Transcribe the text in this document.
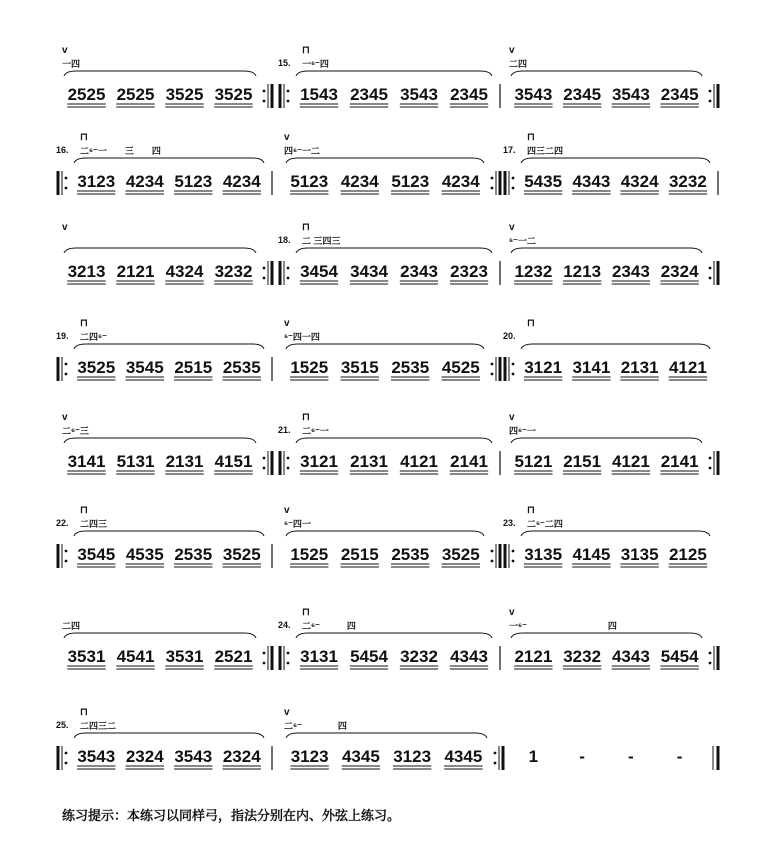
v
一四
2525 2525 3525 3525
15.
⊓
一⁶⁻四
1543 2345 3543 2345
v
二四
3543 2345 3543 2345
16.
⊓
二⁶⁻一　　三　　四
3123 4234 5123 4234
v
四⁶⁻一二
5123 4234 5123 4234
17.
⊓
四三二四
5435 4343 4324 3232
v
3213 2121 4324 3232
18.
⊓
二 三四三
3454 3434 2343 2323
v
⁶⁻一二
1232 1213 2343 2324
19.
⊓
二四⁶⁻
3525 3545 2515 2535
v
⁶⁻四一四
1525 3515 2535 4525
20.
⊓
3121 3141 2131 4121
v
二⁶⁻三
3141 5131 2131 4151
21.
⊓
二⁶⁻一
3121 2131 4121 2141
v
四⁶⁻一
5121 2151 4121 2141
22.
⊓
二四三
3545 4535 2535 3525
v
⁶⁻四一
1525 2515 2535 3525
23.
⊓
二⁶⁻二四
3135 4145 3135 2125
二四
3531 4541 3531 2521
24.
⊓
二⁶⁻　　　四
3131 5454 3232 4343
v
一⁶⁻　　　　　　　　　四
2121 3232 4343 5454
25.
⊓
二四三二
3543 2324 3543 2324
v
二⁶⁻　　　　四
3123 4345 3123 4345	1 -	-	-
练习提示：本练习以同样弓，指法分别在内、外弦上练习。
